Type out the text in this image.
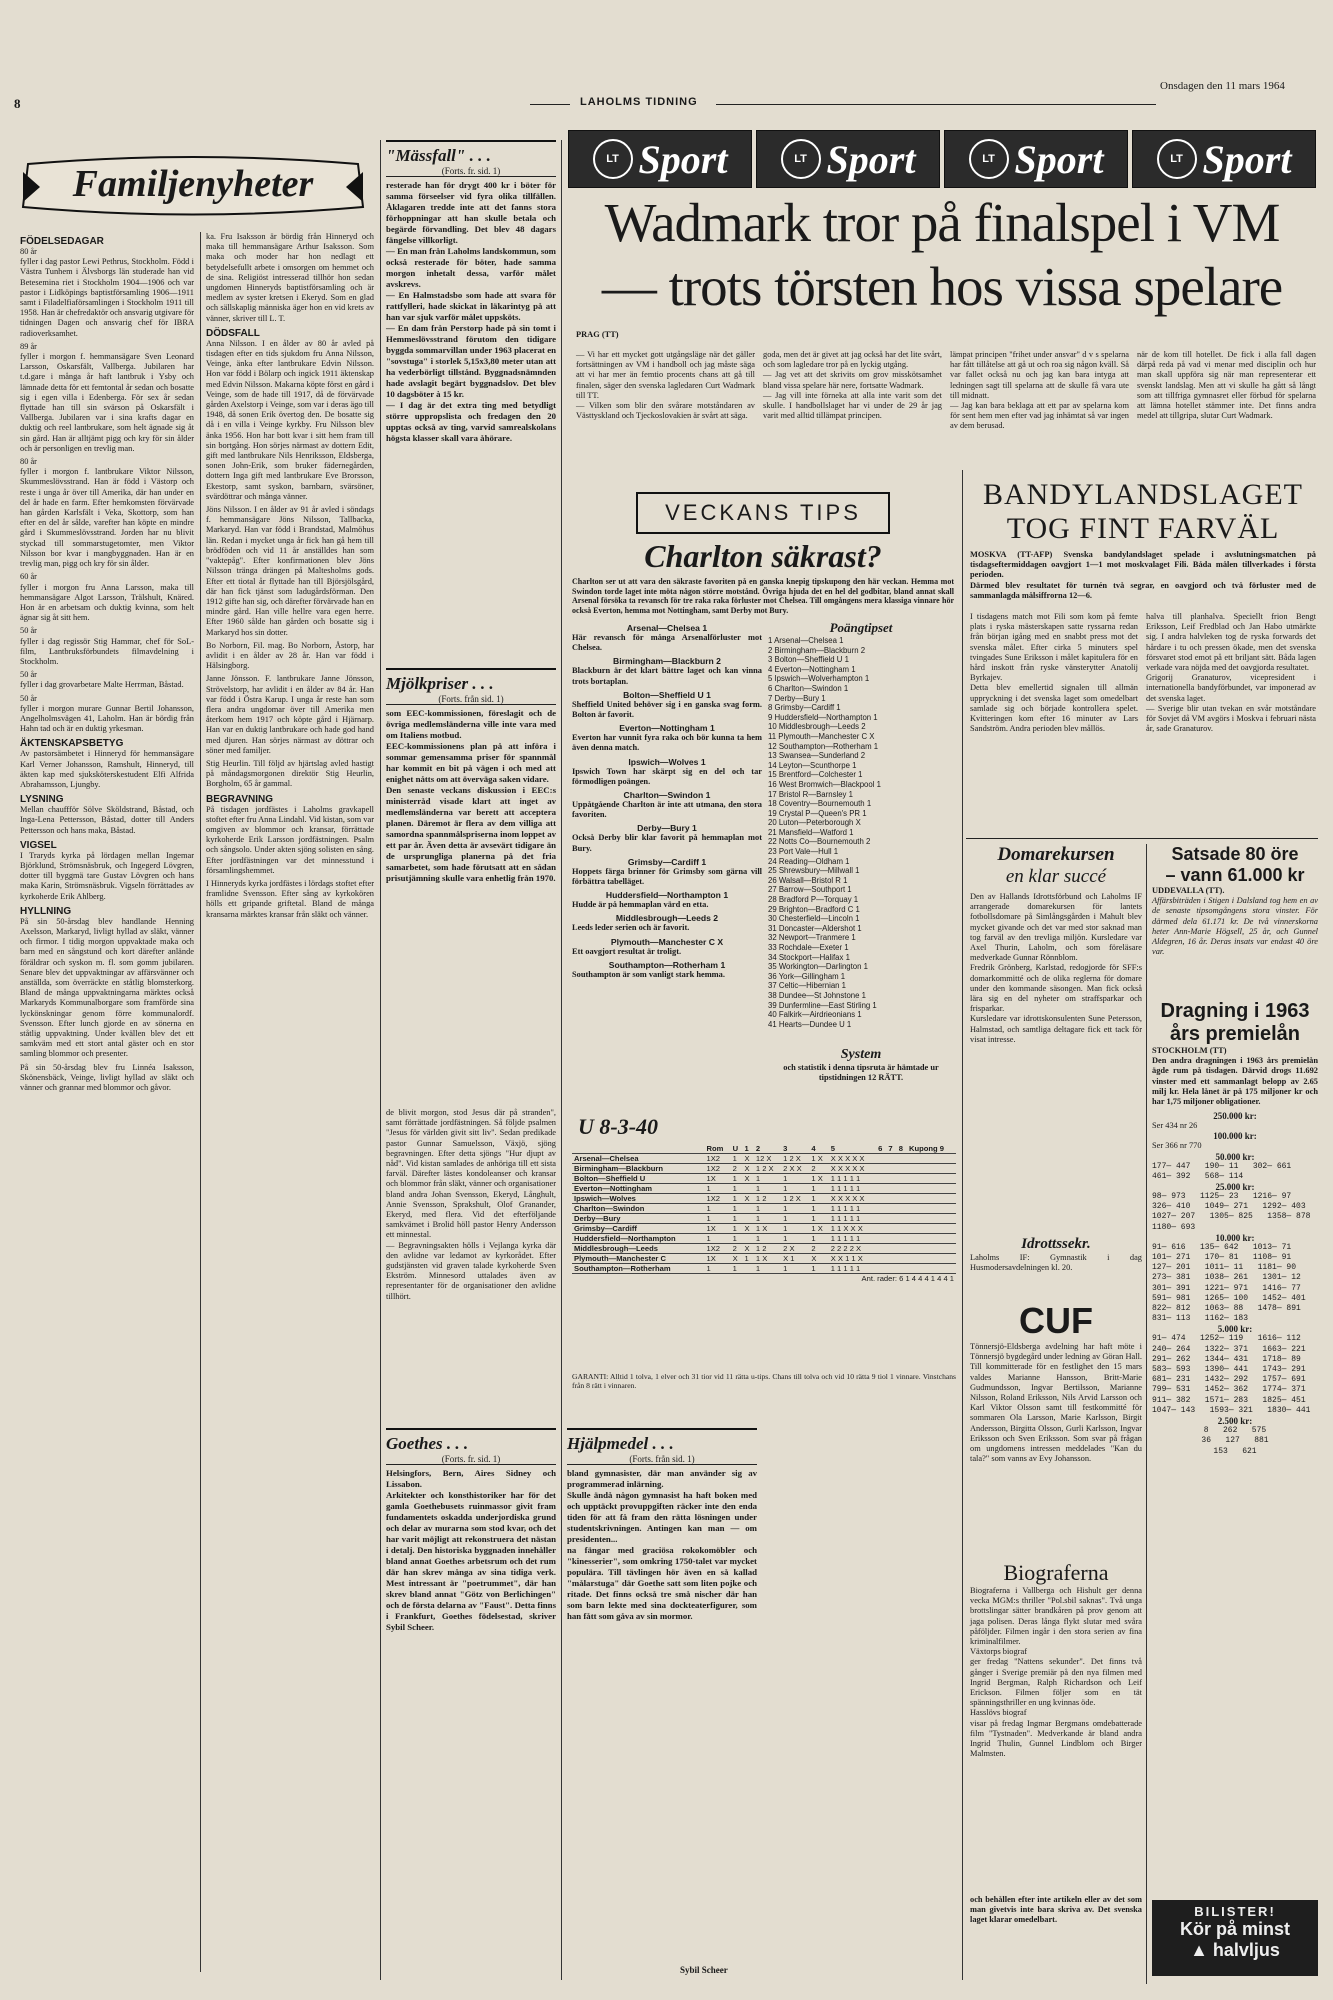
8	LAHOLMS TIDNING
Onsdagen den 11 mars 1964
Familjenyheter
FÖDELSEDAGAR
80 år
fyller i dag pastor Lewi Pethrus, Stockholm. Född i Västra Tunhem i Älvsborgs län studerade han vid Betesemina riet i Stockholm 1904—1906 och var pastor i Lidköpings baptistförsamling 1906—1911 samt i Filadelfiaförsamlingen i Stockholm 1911 till 1958. Han är chefredaktör och ansvarig utgivare för tidningen Dagen och ansvarig chef för IBRA radioverksamhet.
89 år
fyller i morgon f. hemmansägare Sven Leonard Larsson, Oskarsfält, Vallberga. Jubilaren har t.d.gare i många år haft lantbruk i Ysby och lämnade detta för ett femtontal år sedan och bosatte sig i egen villa i Edenberga. För sex år sedan flyttade han till sin svärson på Oskarsfält i Vallberga. Jubilaren var i sina krafts dagar en duktig och reel lantbrukare, som helt ägnade sig åt sin gård. Han är alltjämt pigg och kry för sin ålder och är personligen en trevlig man.
80 år
fyller i morgon f. lantbrukare Viktor Nilsson, Skummeslövsstrand. Han är född i Västorp och reste i unga år över till Amerika, där han under en del år hade en farm. Efter hemkomsten förvärvade han gården Karlsfält i Veka, Skottorp, som han efter en del år sålde, varefter han köpte en mindre gård i Skummeslövsstrand. Jorden har nu blivit styckad till sommarstugetomter, men Viktor Nilsson bor kvar i mangbyggnaden. Han är en trevlig man, pigg och kry för sin ålder.
60 år
fyller i morgon fru Anna Larsson, maka till hemmansägare Algot Larsson, Trälshult, Knäred. Hon är en arbetsam och duktig kvinna, som helt ägnar sig åt sitt hem.
50 år
fyller i dag regissör Stig Hammar, chef för SoL-film, Lantbruksförbundets filmavdelning i Stockholm.
50 år
fyller i dag grovarbetare Malte Herrman, Båstad.
50 år
fyller i morgon murare Gunnar Bertil Johansson, Angelholmsvägen 41, Laholm. Han är bördig från Hahn tad och är en duktig yrkesman.
ÄKTENSKAPSBETYG
Av pastorsämbetet i Hinneryd för hemmansägare Karl Verner Johansson, Ramshult, Hinneryd, till äkten kap med sjuksköterskestudent Elfi Alfrida Abrahamsson, Ljungby.
LYSNING
Mellan chauffför Sölve Sköldstrand, Båstad, och Inga-Lena Pettersson, Båstad, dotter till Anders Pettersson och hans maka, Båstad.
VIGSEL
I Traryds kyrka på lördagen mellan Ingemar Björklund, Strömsnäsbruk, och Ingegerd Lövgren, dotter till byggmä tare Gustav Lövgren och hans maka Karin, Strömsnäsbruk. Vigseln förrättades av kyrkoherde Erik Ahlberg.
HYLLNING
På sin 50-årsdag blev handlande Henning Axelsson, Markaryd, livligt hyllad av släkt, vänner och firmor. I tidig morgon uppvaktade maka och barn med en sångstund och kort därefter anlände föräldrar och syskon m. fl. som gomm jubilaren. Senare blev det uppvaktningar av affärsvänner och anställda, som överräckte en ståtlig blomsterkorg. Bland de många uppvaktningarna märktes också Markaryds Kommunalborgare som framförde sina lyckönskningar genom förre kommunalordf. Svensson. Efter lunch gjorde en av sönerna en ståtlig uppvaktning. Under kvällen blev det ett samkväm med ett stort antal gäster och en stor samling blommor och presenter.
På sin 50-årsdag blev fru Linnéa Isaksson, Skönensbäck, Veinge, livligt hyllad av släkt och vänner och grannar med blommor och gåvor.
ka. Fru Isaksson är bördig från Hinneryd och maka till hemmansägare Arthur Isaksson. Som maka och moder har hon nedlagt ett betydelsefullt arbete i omsorgen om hemmet och de sina. Religiöst intresserad tillhör hon sedan ungdomen Hinneryds baptistförsamling och är medlem av syster kretsen i Ekeryd. Som en glad och sällskaplig människa äger hon en vid krets av vänner, skriver till L. T.
DÖDSFALL
Anna Nilsson. I en ålder av 80 år avled på tisdagen efter en tids sjukdom fru Anna Nilsson, Veinge, änka efter lantbrukare Edvin Nilsson. Hon var född i Bölarp och ingick 1911 äktenskap med Edvin Nilsson. Makarna köpte först en gård i Veinge, som de hade till 1917, då de förvärvade gården Axelstorp i Veinge, som var i deras ägo till 1948, då sonen Erik övertog den. De bosatte sig då i en villa i Veinge kyrkby. Fru Nilsson blev änka 1956. Hon har bott kvar i sitt hem fram till sin bortgång. Hon sörjes närmast av dottern Edit, gift med lantbrukare Nils Henriksson, Eldsberga, sonen John-Erik, som bruker fädernegården, dottern Inga gift med lantbrukare Eve Brorsson, Ekestorp, samt syskon, barnbarn, svärsöner, svärdöttrar och många vänner.
Jöns Nilsson. I en ålder av 91 år avled i söndags f. hemmansägare Jöns Nilsson, Tallbacka, Markaryd. Han var född i Brandstad, Malmöhus län. Redan i mycket unga år fick han gå hem till brödföden och vid 11 år anställdes han som "vaktepåg". Efter konfirmationen blev Jöns Nilsson tränga drängen på Maltesholms gods. Efter ett tiotal år flyttade han till Björsjölsgård, där han fick tjänst som ladugårdsförman. Den 1912 gifte han sig, och därefter förvärvade han en mindre gård. Han ville hellre vara egen herre. Efter 1960 sålde han gården och bosatte sig i Markaryd hos sin dotter.
Bo Norborn, Fil. mag. Bo Norborn, Åstorp, har avlidit i en ålder av 28 år. Han var född i Hälsingborg.
Janne Jönsson. F. lantbrukare Janne Jönsson, Strövelstorp, har avlidit i en ålder av 84 år. Han var född i Östra Karup. I unga år reste han som flera andra ungdomar över till Amerika men återkom hem 1917 och köpte gård i Hjärnarp. Han var en duktig lantbrukare och hade god hand med djuren. Han sörjes närmast av döttrar och söner med familjer.
Stig Heurlin. Till följd av hjärtslag avled hastigt på måndagsmorgonen direktör Stig Heurlin, Borgholm, 65 år gammal.
BEGRAVNING
På tisdagen jordfästes i Laholms gravkapell stoftet efter fru Anna Lindahl. Vid kistan, som var omgiven av blommor och kransar, förrättade kyrkoherde Erik Larsson jordfästningen. Psalm och sångsolo. Under akten sjöng solisten en sång. Efter jordfästningen var det minnesstund i församlingshemmet.
I Hinneryds kyrka jordfästes i lördags stoftet efter framlidne Svensson. Efter sång av kyrkokören hölls ett gripande griftetal. Bland de många kransarna märktes kransar från släkt och vänner.
"Mässfall" . . .
(Forts. fr. sid. 1)
resterade han för drygt 400 kr i böter för samma förseelser vid fyra olika tillfällen. Åklagaren tredde inte att det fanns stora förhoppningar att han skulle betala och begärde förvandling. Det blev 48 dagars fängelse villkorligt.
— En man från Laholms landskommun, som också resterade för böter, hade samma morgon inhetalt dessa, varför målet avskrevs.
— En Halmstadsbo som hade att svara för rattfylleri, hade skickat in läkarintyg på att han var sjuk varför målet uppsköts.
— En dam från Perstorp hade på sin tomt i Hemmeslövsstrand förutom den tidigare byggda sommarvillan under 1963 placerat en "sovstuga" i storlek 5,15x3,80 meter utan att ha vederbörligt tillstånd. Byggnadsnämnden hade avslagit begärt byggnadslov. Det blev 10 dagsböter à 15 kr.
— I dag är det extra ting med betydligt större uppropslista och fredagen den 20 upptas också av ting, varvid samrealskolans högsta klasser skall vara åhörare.
Mjölkpriser . . .
(Forts. från sid. 1)
som EEC-kommissionen, föreslagit och de övriga medlemsländerna ville inte vara med om Italiens motbud.
EEC-kommissionens plan på att införa i sommar gemensamma priser för spannmål har kommit en bit på vägen i och med att enighet nåtts om att överväga saken vidare.
Den senaste veckans diskussion i EEC:s ministerråd visade klart att inget av medlemsländerna var berett att acceptera planen. Däremot är flera av dem villiga att samordna spannmålspriserna inom loppet av ett par år. Även detta är avsevärt tidigare än de ursprungliga planerna på det fria samarbetet, som hade förutsatt att en sådan prisutjämning skulle vara enhetlig från 1970.
de blivit morgon, stod Jesus där på stranden", samt förrättade jordfästningen. Så följde psalmen "Jesus för världen givit sitt liv". Sedan predikade pastor Gunnar Samuelsson, Växjö, sjöng begravningen. Efter detta sjöngs "Hur djupt av nåd". Vid kistan samlades de anhöriga till ett sista farväl. Därefter lästes kondoleanser och kransar och blommor från släkt, vänner och organisationer bland andra Johan Svensson, Ekeryd, Långhult, Annie Svensson, Sprakshult, Olof Granander, Ekeryd, med flera. Vid det efterföljande samkvämet i Brolid höll pastor Henry Andersson ett minnestal.
— Begravningsakten hölls i Vejlanga kyrka där den avlidne var ledamot av kyrkorådet. Efter gudstjänsten vid graven talade kyrkoherde Sven Ekström. Minnesord uttalades även av representanter för de organisationer den avlidne tillhört.
Goethes . . .
(Forts. fr. sid. 1)
Helsingfors, Bern, Aires Sidney och Lissabon.
Arkitekter och konsthistoriker har för det gamla Goethebusets ruinmassor givit fram fundamentets oskadda underjordiska grund och delar av murarna som stod kvar, och det har varit möjligt att rekonstruera det nästan i detalj. Den historiska byggnaden innehåller bland annat Goethes arbetsrum och det rum där han skrev många av sina tidiga verk. Mest intressant är "poetrummet", där han skrev bland annat "Götz von Berlichingen" och de första delarna av "Faust". Detta finns i Frankfurt, Goethes födelsestad, skriver Sybil Scheer.
Hjälpmedel . . .
(Forts. från sid. 1)
bland gymnasister, där man använder sig av programmerad inlärning.
Skulle ändå någon gymnasist ha haft boken med och upptäckt provuppgiften räcker inte den enda tiden för att få fram den rätta lösningen under studentskrivningen. Antingen kan man — om presidenten...
na fängar med graciösa rokokomöbler och "kinesserier", som omkring 1750-talet var mycket populära. Till tävlingen hör även en så kallad "målarstuga" där Goethe satt som liten pojke och ritade. Det finns också tre små nischer där han som barn lekte med sina dockteaterfigurer, som han fått som gåva av sin mormor.
Sybil Scheer
LT Sport	LT Sport	LT Sport	LT Sport
Wadmark tror på finalspel i VM
— trots törsten hos vissa spelare
PRAG (TT)
— Vi har ett mycket gott utgångsläge när det gäller fortsättningen av VM i handboll och jag måste säga att vi har mer än femtio procents chans att gå till finalen, säger den svenska lagledaren Curt Wadmark till TT.
— Vilken som blir den svårare motståndaren av Västtyskland och Tjeckoslovakien är svårt att säga.
goda, men det är givet att jag också har det lite svårt, och som lagledare tror på en lyckig utgång.
— Jag vet att det skrivits om grov misskötsamhet bland vissa spelare här nere, fortsatte Wadmark.
— Jag vill inte förneka att alla inte varit som det skulle. I handbollslaget har vi under de 29 år jag varit med alltid tillämpat principen.
lämpat principen "frihet under ansvar" d v s spelarna har fått tillåtelse att gå ut och roa sig någon kväll. Så var fallet också nu och jag kan bara intyga att ledningen sagt till spelarna att de skulle få vara ute till midnatt.
— Jag kan bara beklaga att ett par av spelarna kom för sent hem men efter vad jag inhämtat så var ingen av dem berusad.
när de kom till hotellet. De fick i alla fall dagen därpå reda på vad vi menar med disciplin och hur man skall uppföra sig när man representerar ett svenskt landslag. Men att vi skulle ha gått så långt som att tillfriga gymnasret eller förbud för spelarna att lämna hotellet stämmer inte. Det finns andra medel att tillgripa, slutar Curt Wadmark.
VECKANS TIPS
Charlton säkrast?
Charlton ser ut att vara den säkraste favoriten på en ganska knepig tipskupong den här veckan. Hemma mot Swindon torde laget inte möta någon större motstånd. Övriga hjuda det en hel del godbitar, bland annat skall Arsenal försöka ta revansch för tre raka raka förluster mot Chelsea. Till omgångens mera klassiga vinnare hör också Everton, hemma mot Nottingham, samt Derby mot Bury.
Arsenal—Chelsea 1
Här revansch för många Arsenalförluster mot Chelsea.
Birmingham—Blackburn 2
Blackburn är det klart bättre laget och kan vinna trots bortaplan.
Bolton—Sheffield U 1
Sheffield United behöver sig i en ganska svag form. Bolton är favorit.
Everton—Nottingham 1
Everton har vunnit fyra raka och bör kunna ta hem även denna match.
Ipswich—Wolves 1
Ipswich Town har skärpt sig en del och tar förmodligen poängen.
Charlton—Swindon 1
Uppåtgående Charlton är inte att utmana, den stora favoriten.
Derby—Bury 1
Också Derby blir klar favorit på hemmaplan mot Bury.
Grimsby—Cardiff 1
Hoppets färga brinner för Grimsby som gärna vill förbättra tabelläget.
Huddersfield—Northampton 1
Hudde är på hemmaplan värd en etta.
Middlesbrough—Leeds 2
Leeds leder serien och är favorit.
Plymouth—Manchester C X
Ett oavgjort resultat är troligt.
Southampton—Rotherham 1
Southampton är som vanligt stark hemma.
Poängtipset
1 Arsenal—Chelsea 1
2 Birmingham—Blackburn 2
3 Bolton—Sheffield U 1
4 Everton—Nottingham 1
5 Ipswich—Wolverhampton 1
6 Charlton—Swindon 1
7 Derby—Bury 1
8 Grimsby—Cardiff 1
9 Huddersfield—Northampton 1
10 Middlesbrough—Leeds 2
11 Plymouth—Manchester C X
12 Southampton—Rotherham 1
13 Swansea—Sunderland 2
14 Leyton—Scunthorpe 1
15 Brentford—Colchester 1
16 West Bromwich—Blackpool 1
17 Bristol R—Barnsley 1
18 Coventry—Bournemouth 1
19 Crystal P—Queen's PR 1
20 Luton—Peterborough X
21 Mansfield—Watford 1
22 Notts Co—Bournemouth 2
23 Port Vale—Hull 1
24 Reading—Oldham 1
25 Shrewsbury—Millwall 1
26 Walsall—Bristol R 1
27 Barrow—Southport 1
28 Bradford P—Torquay 1
29 Brighton—Bradford C 1
30 Chesterfield—Lincoln 1
31 Doncaster—Aldershot 1
32 Newport—Tranmere 1
33 Rochdale—Exeter 1
34 Stockport—Halifax 1
35 Workington—Darlington 1
36 York—Gillingham 1
37 Celtic—Hibernian 1
38 Dundee—St Johnstone 1
39 Dunfermline—East Stirling 1
40 Falkirk—Airdrieonians 1
41 Hearts—Dundee U 1
System
och statistik i denna tipsruta är hämtade ur tipstidningen 12 RÄTT.
U 8-3-40
	Rom	U	1	2	3	4	5	6	7	8	Kupong 9
Arsenal—Chelsea	1X2	1	X	12 X	1 2 X	1 X	X X X X X				
Birmingham—Blackburn	1X2	2	X	1 2 X	2 X X	2	X X X X X				
Bolton—Sheffield U	1X	1	X	1	1	1 X	1 1 1 1 1				
Everton—Nottingham	1	1		1	1	1	1 1 1 1 1				
Ipswich—Wolves	1X2	1	X	1 2	1 2 X	1	X X X X X				
Charlton—Swindon	1	1		1	1	1	1 1 1 1 1				
Derby—Bury	1	1		1	1	1	1 1 1 1 1				
Grimsby—Cardiff	1X	1	X	1 X	1	1 X	1 1 X X X				
Huddersfield—Northampton	1	1		1	1	1	1 1 1 1 1				
Middlesbrough—Leeds	1X2	2	X	1 2	2 X	2	2 2 2 2 X				
Plymouth—Manchester C	1X	X	1	1 X	X 1	X	X X 1 1 X				
Southampton—Rotherham	1	1		1	1	1	1 1 1 1 1				
Ant. rader: 6 1 4 4 4 1 4 4 1											
GARANTI: Alltid 1 tolva, 1 elver och 31 tior vid 11 rätta u-tips. Chans till tolva och vid 10 rätta 9 tiol 1 vinnare. Vinstchans från 8 rätt i vinnaren.
BANDYLANDSLAGET
TOG FINT FARVÄL
MOSKVA (TT-AFP) Svenska bandylandslaget spelade i avslutningsmatchen på tisdagseftermiddagen oavgjort 1—1 mot moskvalaget Fili. Båda målen tillverkades i första perioden.
Därmed blev resultatet för turnén två segrar, en oavgjord och två förluster med de sammanlagda målsiffrorna 12—6.
I tisdagens match mot Fili som kom på femte plats i ryska mästerskapen satte ryssarna redan från början igång med en snabbt press mot det svenska målet. Efter cirka 5 minuters spel tvingades Sune Eriksson i målet kapitulera för en hård inskott från ryske vänsterytter Anatolij Byrkajev.
Detta blev emellertid signalen till allmän uppryckning i det svenska laget som omedelbart samlade sig och började kontrollera spelet. Kvitteringen kom efter 16 minuter av Lars Sandström. Andra perioden blev mållös.
halva till planhalva. Speciellt frion Bengt Eriksson, Leif Fredblad och Jan Habo utmärkte sig. I andra halvleken tog de ryska forwards det hårdare i tu och pressen ökade, men det svenska försvaret stod emot på ett briljant sätt. Båda lagen verkade vara nöjda med det oavgjorda resultatet.
Grigorij Granaturov, vicepresident i internationella bandyförbundet, var imponerad av det svenska laget.
— Sverige blir utan tvekan en svår motståndare för Sovjet då VM avgörs i Moskva i februari nästa år, sade Granaturov.
Domarekursen
en klar succé
Den av Hallands Idrottsförbund och Laholms IF arrangerade domarekursen för lantets fotbollsdomare på Simlångsgården i Mahult blev mycket givande och det var med stor saknad man tog farväl av den trevliga miljön. Kursledare var Axel Thurin, Laholm, och som föreläsare medverkade Gunnar Rönnblom.
Fredrik Grönberg, Karlstad, redogjorde för SFF:s domarkommitté och de olika reglerna för domare under den kommande säsongen. Man fick också lära sig en del nyheter om straffsparkar och frisparkar.
Kursledare var idrottskonsulenten Sune Petersson, Halmstad, och samtliga deltagare fick ett tack för visat intresse.
Idrottssekr.
Laholms IF: Gymnastik i dag Husmodersavdelningen kl. 20.
CUF
Tönnersjö-Eldsberga avdelning har haft möte i Tönnersjö bygdegård under ledning av Göran Hall. Till kommitterade för en festlighet den 15 mars valdes Marianne Hansson, Britt-Marie Gudmundsson, Ingvar Bertilsson, Marianne Nilsson, Roland Eriksson, Nils Arvid Larsson och Karl Viktor Olsson samt till festkommitté för sommaren Ola Larsson, Marie Karlsson, Birgit Andersson, Birgitta Olsson, Gurli Karlsson, Ingvar Eriksson och Sven Eriksson. Som svar på frågan om ungdomens intressen meddelades "Kan du tala?" som vanns av Evy Johansson.
Biograferna
Biograferna i Vallberga och Hishult ger denna vecka MGM:s thriller "Pol.sbil saknas". Två unga brottslingar sätter brandkåren på prov genom att jaga polisen. Deras långa flykt slutar med svåra påföljder. Filmen ingår i den stora serien av fina kriminalfilmer.
Växtorps biograf
ger fredag "Nattens sekunder". Det finns två gånger i Sverige premiär på den nya filmen med Ingrid Bergman, Ralph Richardson och Leif Erickson. Filmen följer som en tät spänningsthriller en ung kvinnas öde.
Hasslövs biograf
visar på fredag Ingmar Bergmans omdebatterade film "Tystnaden". Medverkande är bland andra Ingrid Thulin, Gunnel Lindblom och Birger Malmsten.
och behållen efter inte artikeln eller av det som man givetvis inte bara skriva av. Det svenska laget klarar omedelbart.
Satsade 80 öre
– vann 61.000 kr
UDDEVALLA (TT).
Affärsbiträden i Stigen i Dalsland tog hem en av de senaste tipsomgångens stora vinster. För därmed dela 61.171 kr. De två vinnerskorna heter Ann-Marie Högsell, 25 år, och Gunnel Aldegren, 16 år. Deras insats var endast 40 öre var.
Dragning i 1963
års premielån
STOCKHOLM (TT)
Den andra dragningen i 1963 års premielån ägde rum på tisdagen. Därvid drogs 11.692 vinster med ett sammanlagt belopp av 2.65 milj kr. Hela lånet är på 175 miljoner kr och har 1,75 miljoner obligationer.
250.000 kr:
Ser 434 nr 26
100.000 kr:
Ser 366 nr 770
50.000 kr:
177— 447   190— 11   302— 661
461— 392   568— 114
25.000 kr:
98— 973   1125— 23   1216— 97
326— 410   1049— 271   1292— 403
1027— 207   1305— 825   1358— 878
1180— 693
10.000 kr:
91— 616   135— 642   1013— 71
101— 271   170— 81   1108— 91
127— 201   1011— 11   1181— 90
273— 381   1038— 261   1301— 12
301— 391   1221— 971   1416— 77
591— 981   1265— 100   1452— 401
822— 812   1063— 88   1478— 891
831— 113   1162— 183
5.000 kr:
91— 474   1252— 119   1616— 112
240— 264   1322— 371   1663— 221
291— 262   1344— 431   1718— 89
583— 593   1390— 441   1743— 291
681— 231   1432— 292   1757— 691
799— 531   1452— 362   1774— 371
911— 382   1571— 283   1825— 451
1047— 143   1593— 321   1830— 441
2.500 kr:
8   262   575
36   127   881
153   621
BILISTER!
Kör på minst
▲ halvljus
